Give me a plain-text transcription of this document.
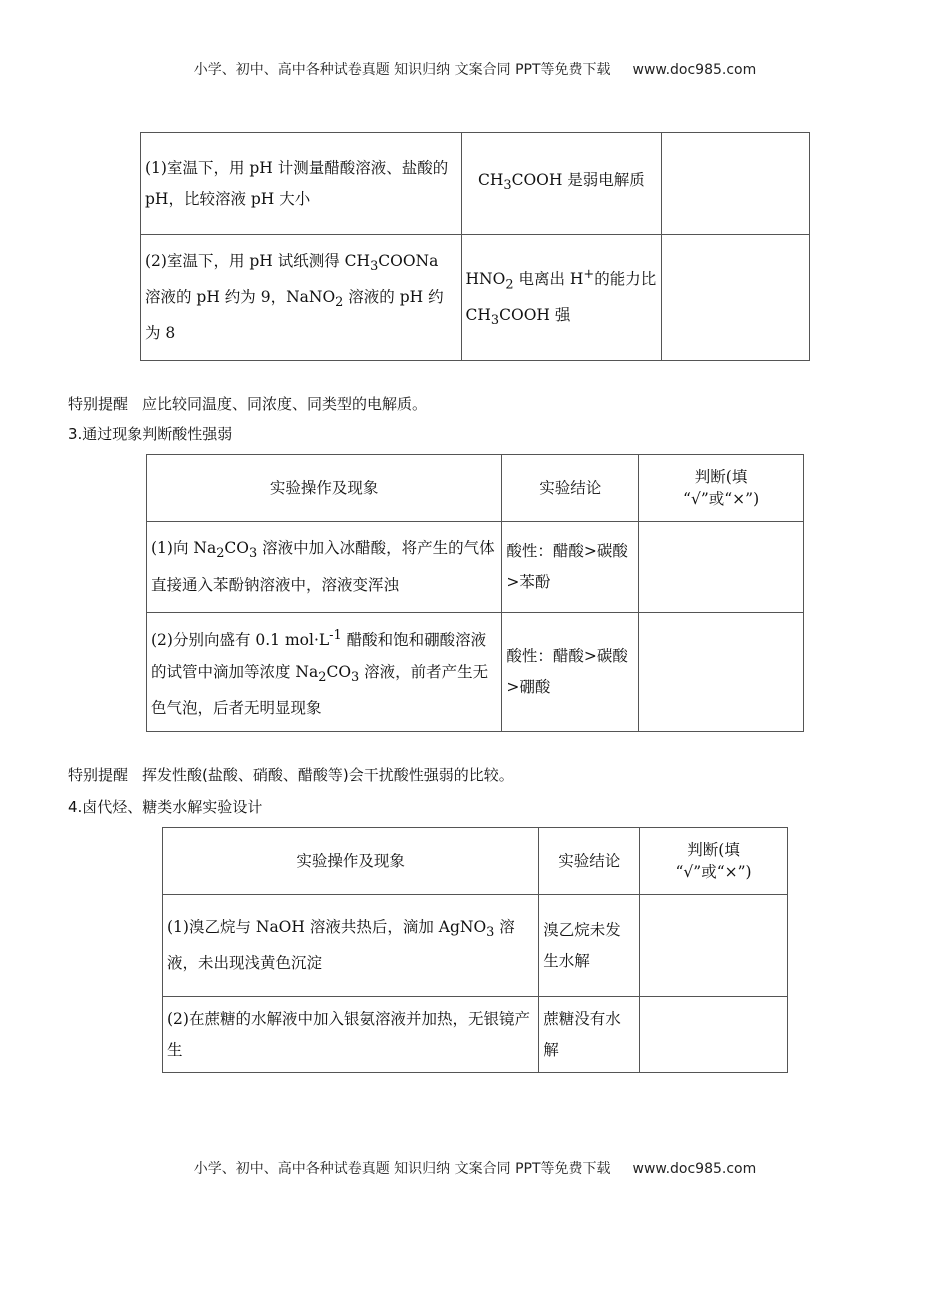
小学、初中、高中各种试卷真题 知识归纳 文案合同 PPT等免费下载 www.doc985.com
(1)室温下，用 pH 计测量醋酸溶液、盐酸的 pH，比较溶液 pH 大小	$CH_3COOH$ 是弱电解质	
(2)室温下，用 pH 试纸测得 $CH_3COONa$ 溶液的 pH 约为 9，NaNO$_2$ 溶液的 pH 约为 8	$HNO_2$ 电离出 H+的能力比 $CH_3COOH$ 强	
特别提醒 应比较同温度、同浓度、同类型的电解质。
3.通过现象判断酸性强弱
实验操作及现象	实验结论	判断(填
“√”或“×”)

(1)向 $Na_2CO_3$ 溶液中加入冰醋酸，将产生的气体直接通入苯酚钠溶液中，溶液变浑浊	酸性：醋酸>碳酸>苯酚	
(2)分别向盛有 0.1 $mol\cdot L^{-1}$ 醋酸和饱和硼酸溶液的试管中滴加等浓度 $Na_2CO_3$ 溶液，前者产生无色气泡，后者无明显现象	酸性：醋酸>碳酸>硼酸	
特别提醒 挥发性酸(盐酸、硝酸、醋酸等)会干扰酸性强弱的比较。
4.卤代烃、糖类水解实验设计
实验操作及现象	实验结论	判断(填
“√”或“×”)

(1)溴乙烷与 NaOH 溶液共热后，滴加 AgNO$_3$ 溶液，未出现浅黄色沉淀	溴乙烷未发生水解	
(2)在蔗糖的水解液中加入银氨溶液并加热，无银镜产生	蔗糖没有水解	
小学、初中、高中各种试卷真题 知识归纳 文案合同 PPT等免费下载 www.doc985.com
